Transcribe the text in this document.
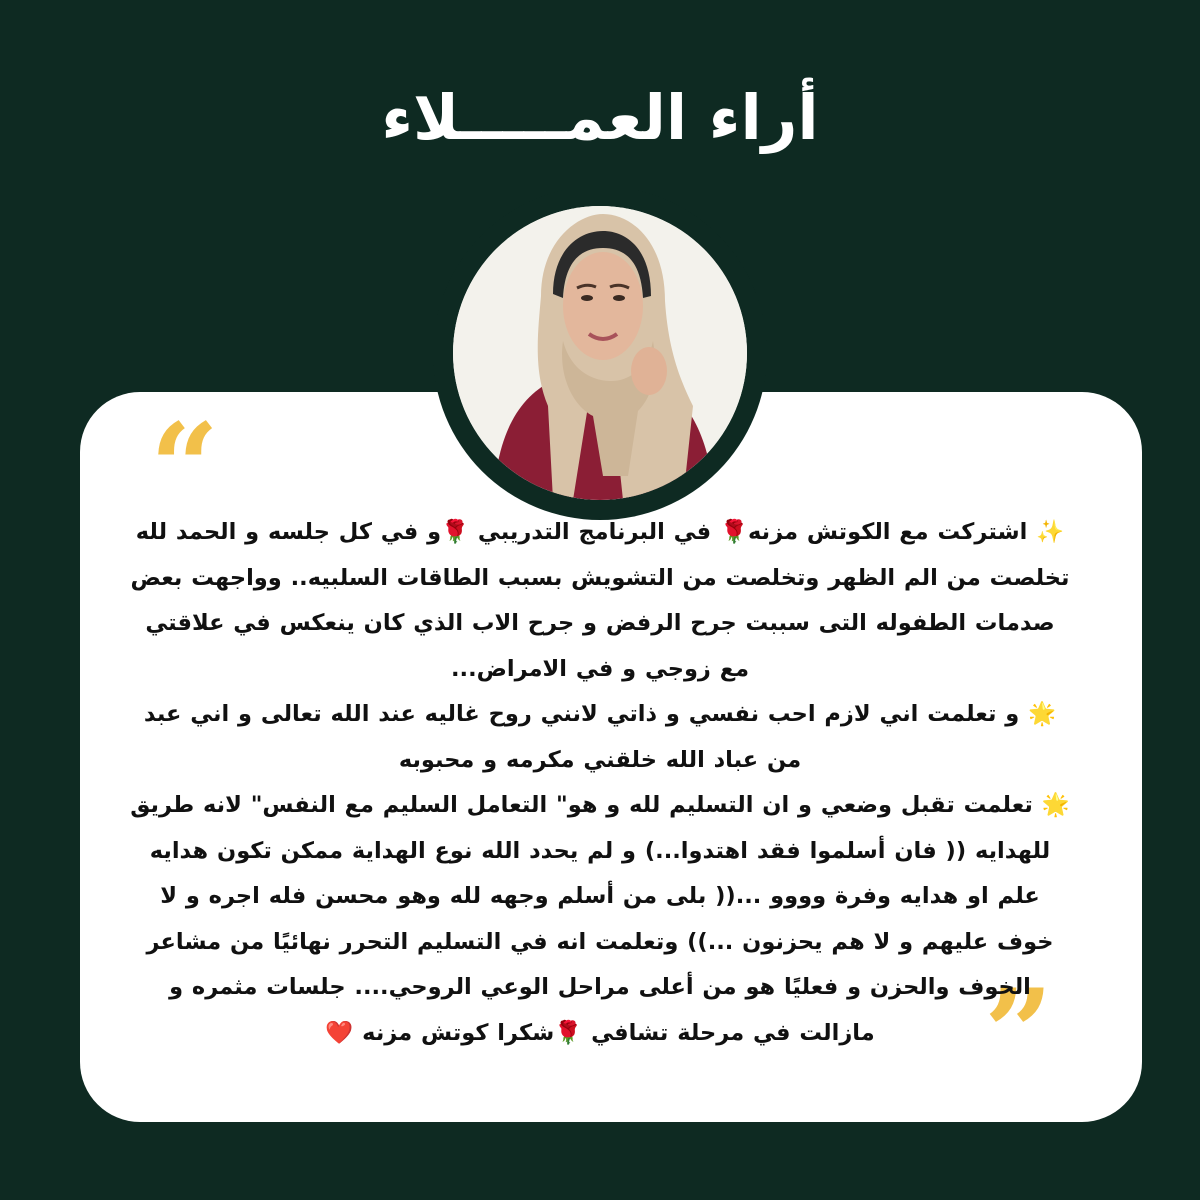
أراء العمـــــلاء
“
”

✨ اشتركت مع الكوتش مزنه🌹 في البرنامج التدريبي 🌹و في كل جلسه و الحمد لله تخلصت من الم الظهر وتخلصت من التشويش بسبب الطاقات السلبيه.. وواجهت بعض صدمات الطفوله التى سببت جرح الرفض و جرح الاب الذي كان ينعكس في علاقتي مع زوجي و في الامراض...

🌟 و تعلمت اني لازم احب نفسي و ذاتي لانني روح غاليه عند الله تعالى و اني عبد من عباد الله خلقني مكرمه و محبوبه

🌟 تعلمت تقبل وضعي و ان التسليم لله و هو" التعامل السليم مع النفس" لانه طريق للهدايه (( فان أسلموا فقد اهتدوا...) و لم يحدد الله نوع الهداية ممكن تكون هدايه علم او هدايه وفرة وووو ...(( بلى من أسلم وجهه لله وهو محسن فله اجره و لا خوف عليهم و لا هم يحزنون ...)) وتعلمت انه في التسليم التحرر نهائيًا من مشاعر الخوف والحزن و فعليًا هو من أعلى مراحل الوعي الروحي.... جلسات مثمره و مازالت في مرحلة تشافي 🌹شكرا كوتش مزنه ❤️
